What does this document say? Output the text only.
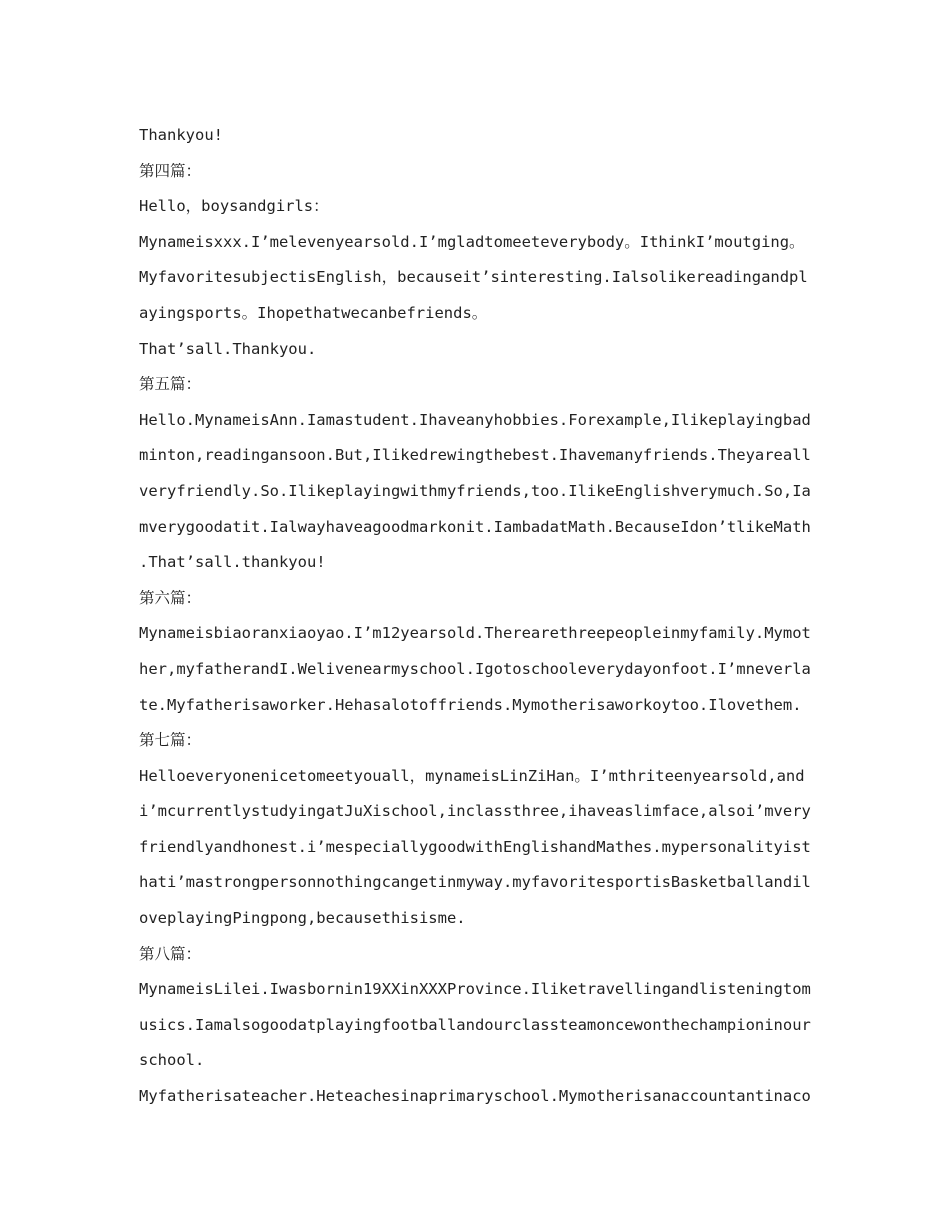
Thankyou!
第四篇：
Hello，boysandgirls：
Mynameisxxx.I’melevenyearsold.I’mgladtomeeteverybody。IthinkI’moutging。
MyfavoritesubjectisEnglish，becauseit’sinteresting.Ialsolikereadingandpl
ayingsports。Ihopethatwecanbefriends。
That’sall.Thankyou.
第五篇：
Hello.MynameisAnn.Iamastudent.Ihaveanyhobbies.Forexample,Ilikeplayingbad
minton,readingansoon.But,Ilikedrewingthebest.Ihavemanyfriends.Theyareall
veryfriendly.So.Ilikeplayingwithmyfriends,too.IlikeEnglishverymuch.So,Ia
mverygoodatit.Ialwayhaveagoodmarkonit.IambadatMath.BecauseIdon’tlikeMath
.That’sall.thankyou!
第六篇：
Mynameisbiaoranxiaoyao.I’m12yearsold.Therearethreepeopleinmyfamily.Mymot
her,myfatherandI.Welivenearmyschool.Igotoschooleverydayonfoot.I’mneverla
te.Myfatherisaworker.Hehasalotoffriends.Mymotherisaworkoytoo.Ilovethem.
第七篇：
Helloeveryonenicetomeetyouall，mynameisLinZiHan。I’mthriteenyearsold,and
i’mcurrentlystudyingatJuXischool,inclassthree,ihaveaslimface,alsoi’mvery
friendlyandhonest.i’mespeciallygoodwithEnglishandMathes.mypersonalityist
hati’mastrongpersonnothingcangetinmyway.myfavoritesportisBasketballandil
oveplayingPingpong,becausethisisme.
第八篇：
MynameisLilei.Iwasbornin19XXinXXXProvince.Iliketravellingandlisteningtom
usics.Iamalsogoodatplayingfootballandourclassteamoncewonthechampioninour
school.
Myfatherisateacher.Heteachesinaprimaryschool.Mymotherisanaccountantinaco
